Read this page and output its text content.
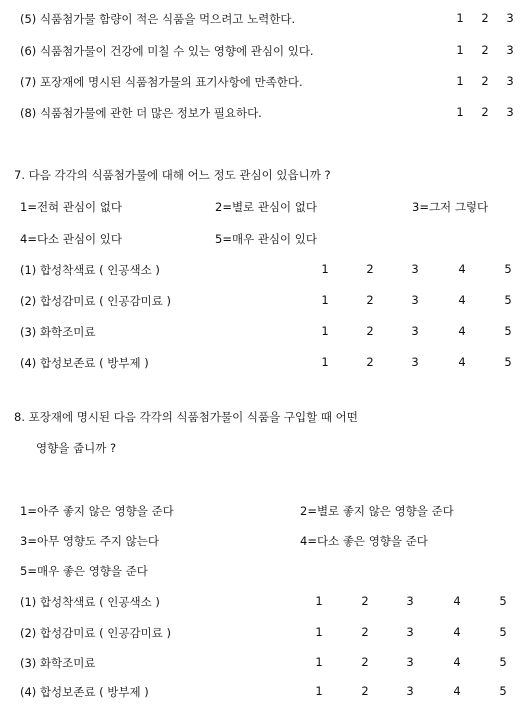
(5) 식품첨가물 함량이 적은 식품을 먹으려고 노력한다.	1	2	3
(6) 식품첨가물이 건강에 미칠 수 있는 영향에 관심이 있다.	1	2	3
(7) 포장재에 명시된 식품첨가물의 표기사항에 만족한다.	1	2	3
(8) 식품첨가물에 관한 더 많은 정보가 필요하다.	1	2	3
7. 다음 각각의 식품첨가물에 대해 어느 정도 관심이 있읍니까 ?
1=전혀 관심이 없다	2=별로 관심이 없다	3=그저 그렇다
4=다소 관심이 있다	5=매우 관심이 있다
(1) 합성착색료 ( 인공색소 )	1	2	3	4	5
(2) 합성감미료 ( 인공감미료 )	1	2	3	4	5
(3) 화학조미료	1	2	3	4	5
(4) 합성보존료 ( 방부제 )	1	2	3	4	5
8. 포장재에 명시된 다음 각각의 식품첨가물이 식품을 구입할 때 어떤
영향을 줍니까 ?
1=아주 좋지 않은 영향을 준다	2=별로 좋지 않은 영향을 준다
3=아무 영향도 주지 않는다	4=다소 좋은 영향을 준다
5=매우 좋은 영향을 준다
(1) 합성착색료 ( 인공색소 )	1	2	3	4	5
(2) 합성감미료 ( 인공감미료 )	1	2	3	4	5
(3) 화학조미료	1	2	3	4	5
(4) 합성보존료 ( 방부제 )	1	2	3	4	5
